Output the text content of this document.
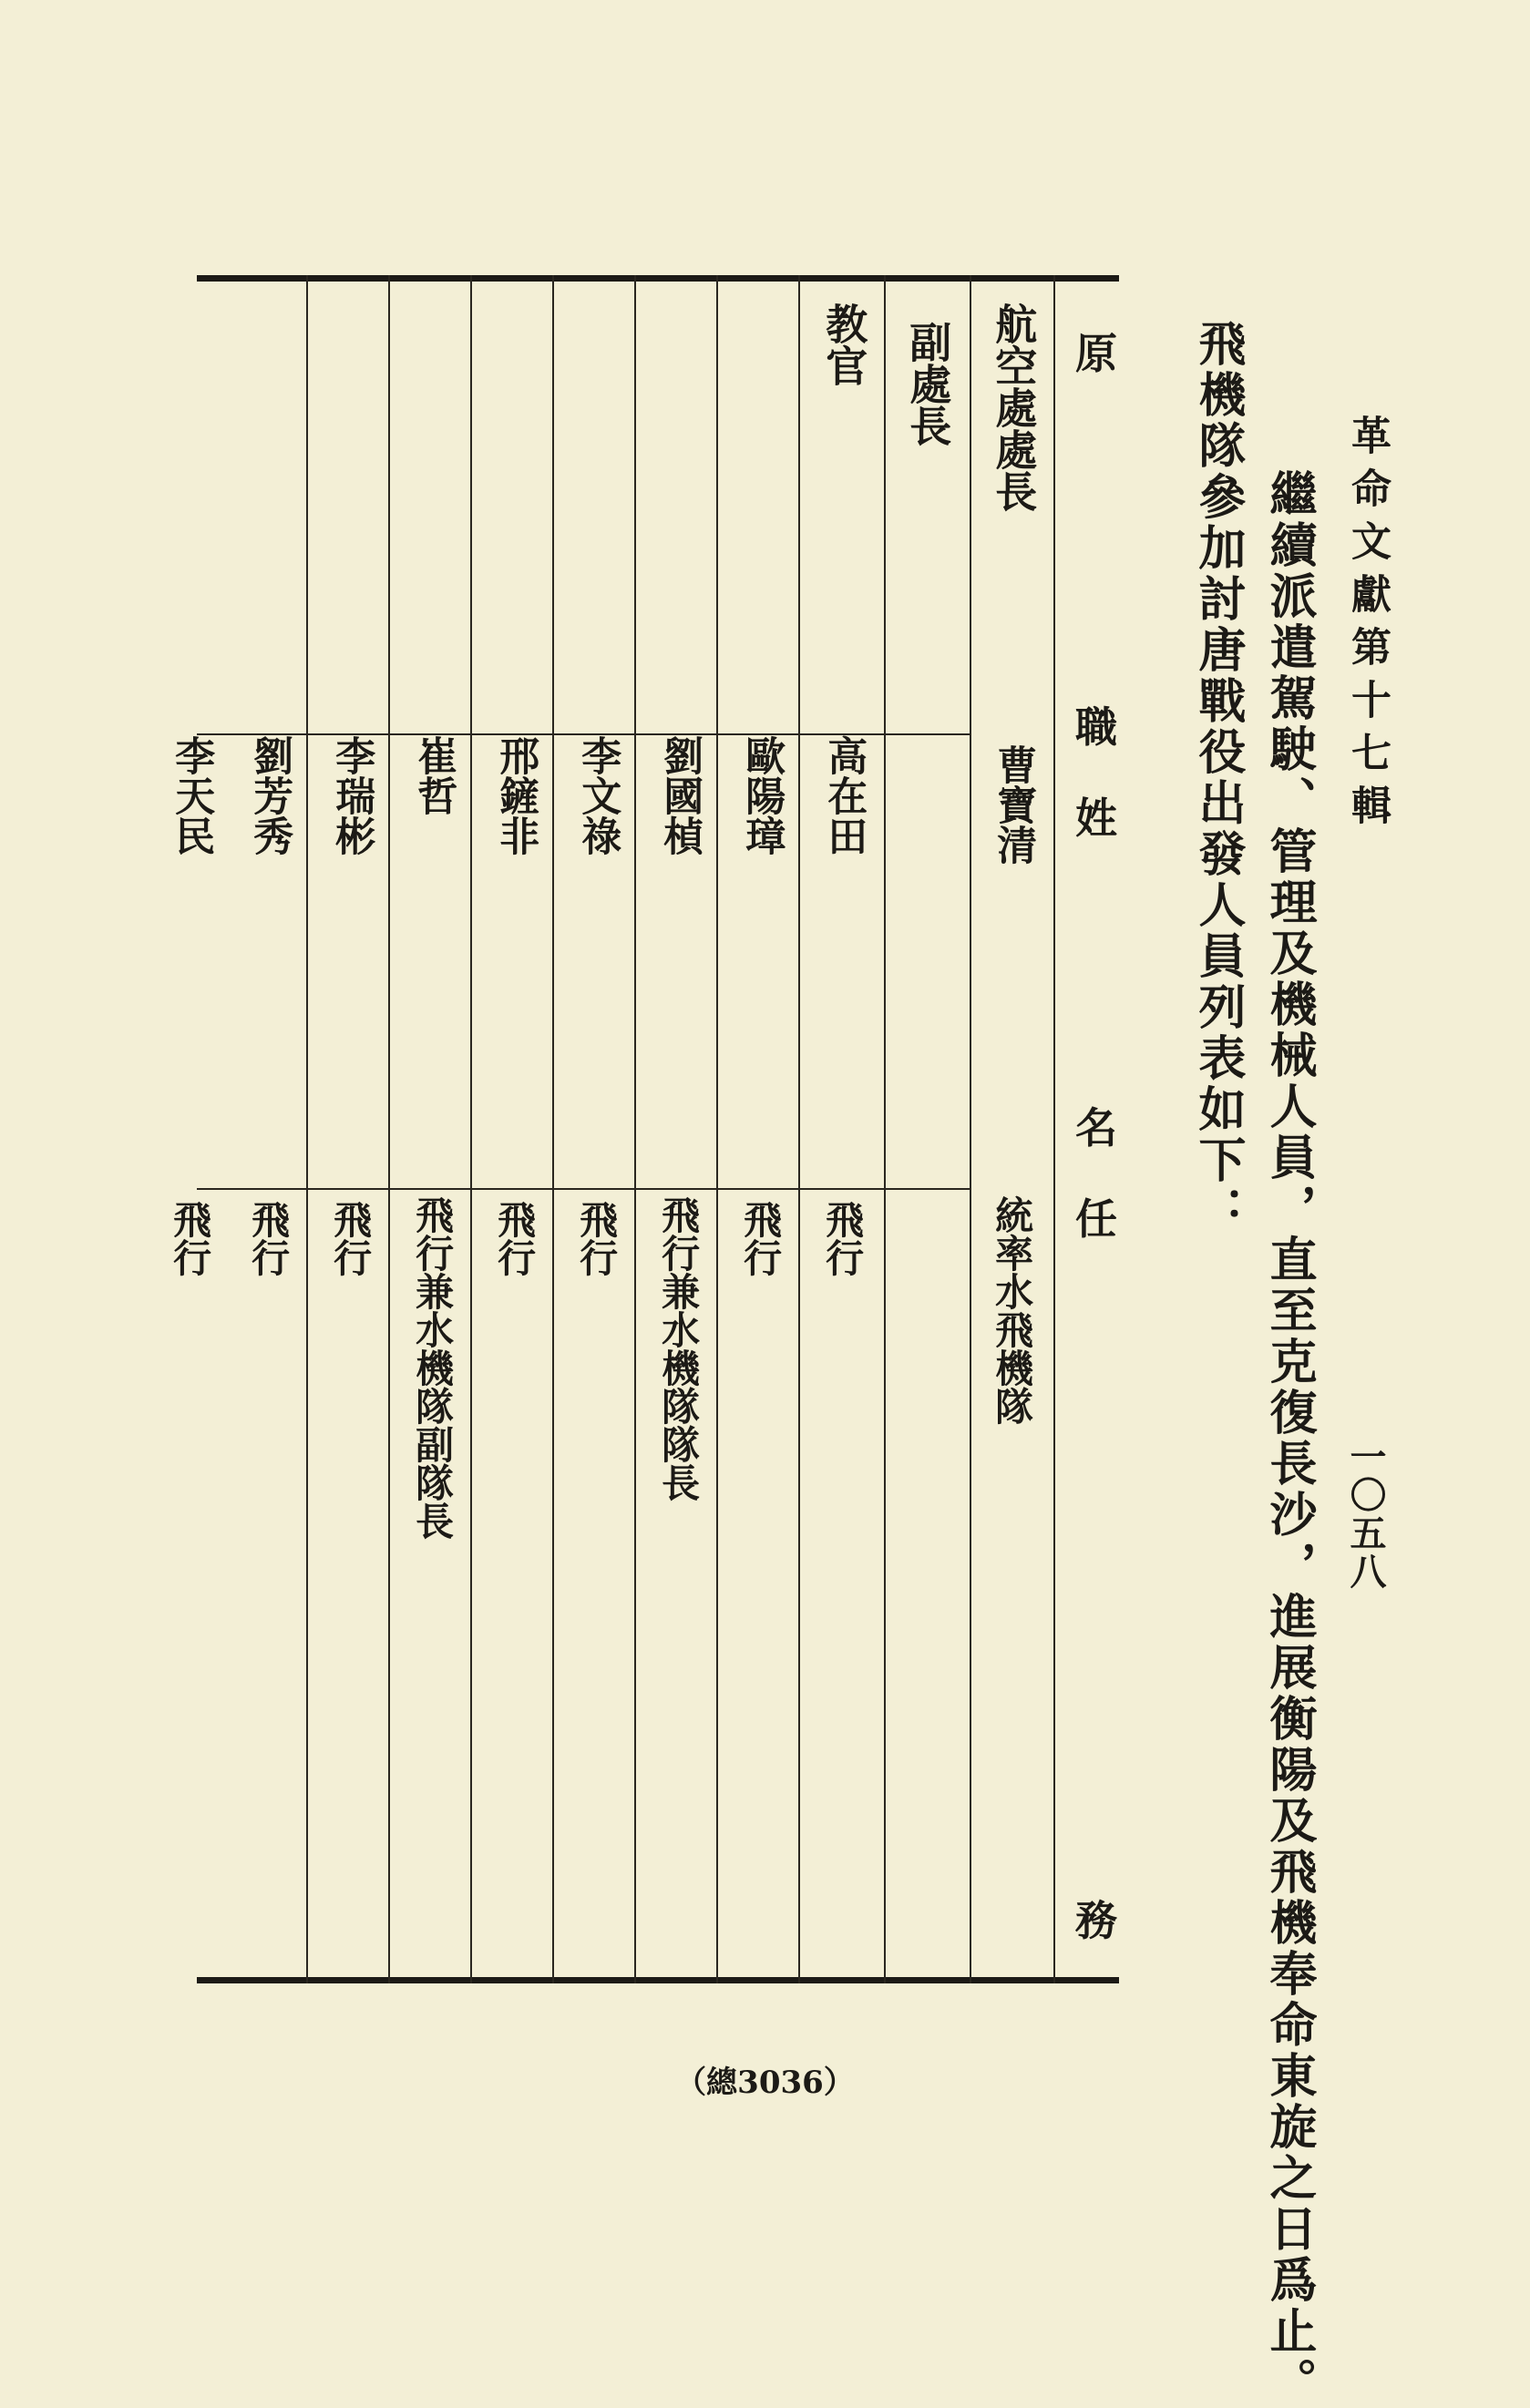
革命文獻第十七輯
一〇五八
繼續派遣駕駛、管理及機械人員，直至克復長沙，進展衡陽及飛機奉命東旋之日爲止。
飛機隊參加討唐戰役出發人員列表如下：
原
職
姓
名
任
務
航空處處長
曹寶清
統率水飛機隊
副處長
教官
高在田
飛行
歐陽璋
飛行
劉國楨
飛行兼水機隊隊長
李文祿
飛行
邢鏟非
飛行
崔哲
飛行兼水機隊副隊長
李瑞彬
飛行
劉芳秀
飛行
李天民
飛行
（總3036）
